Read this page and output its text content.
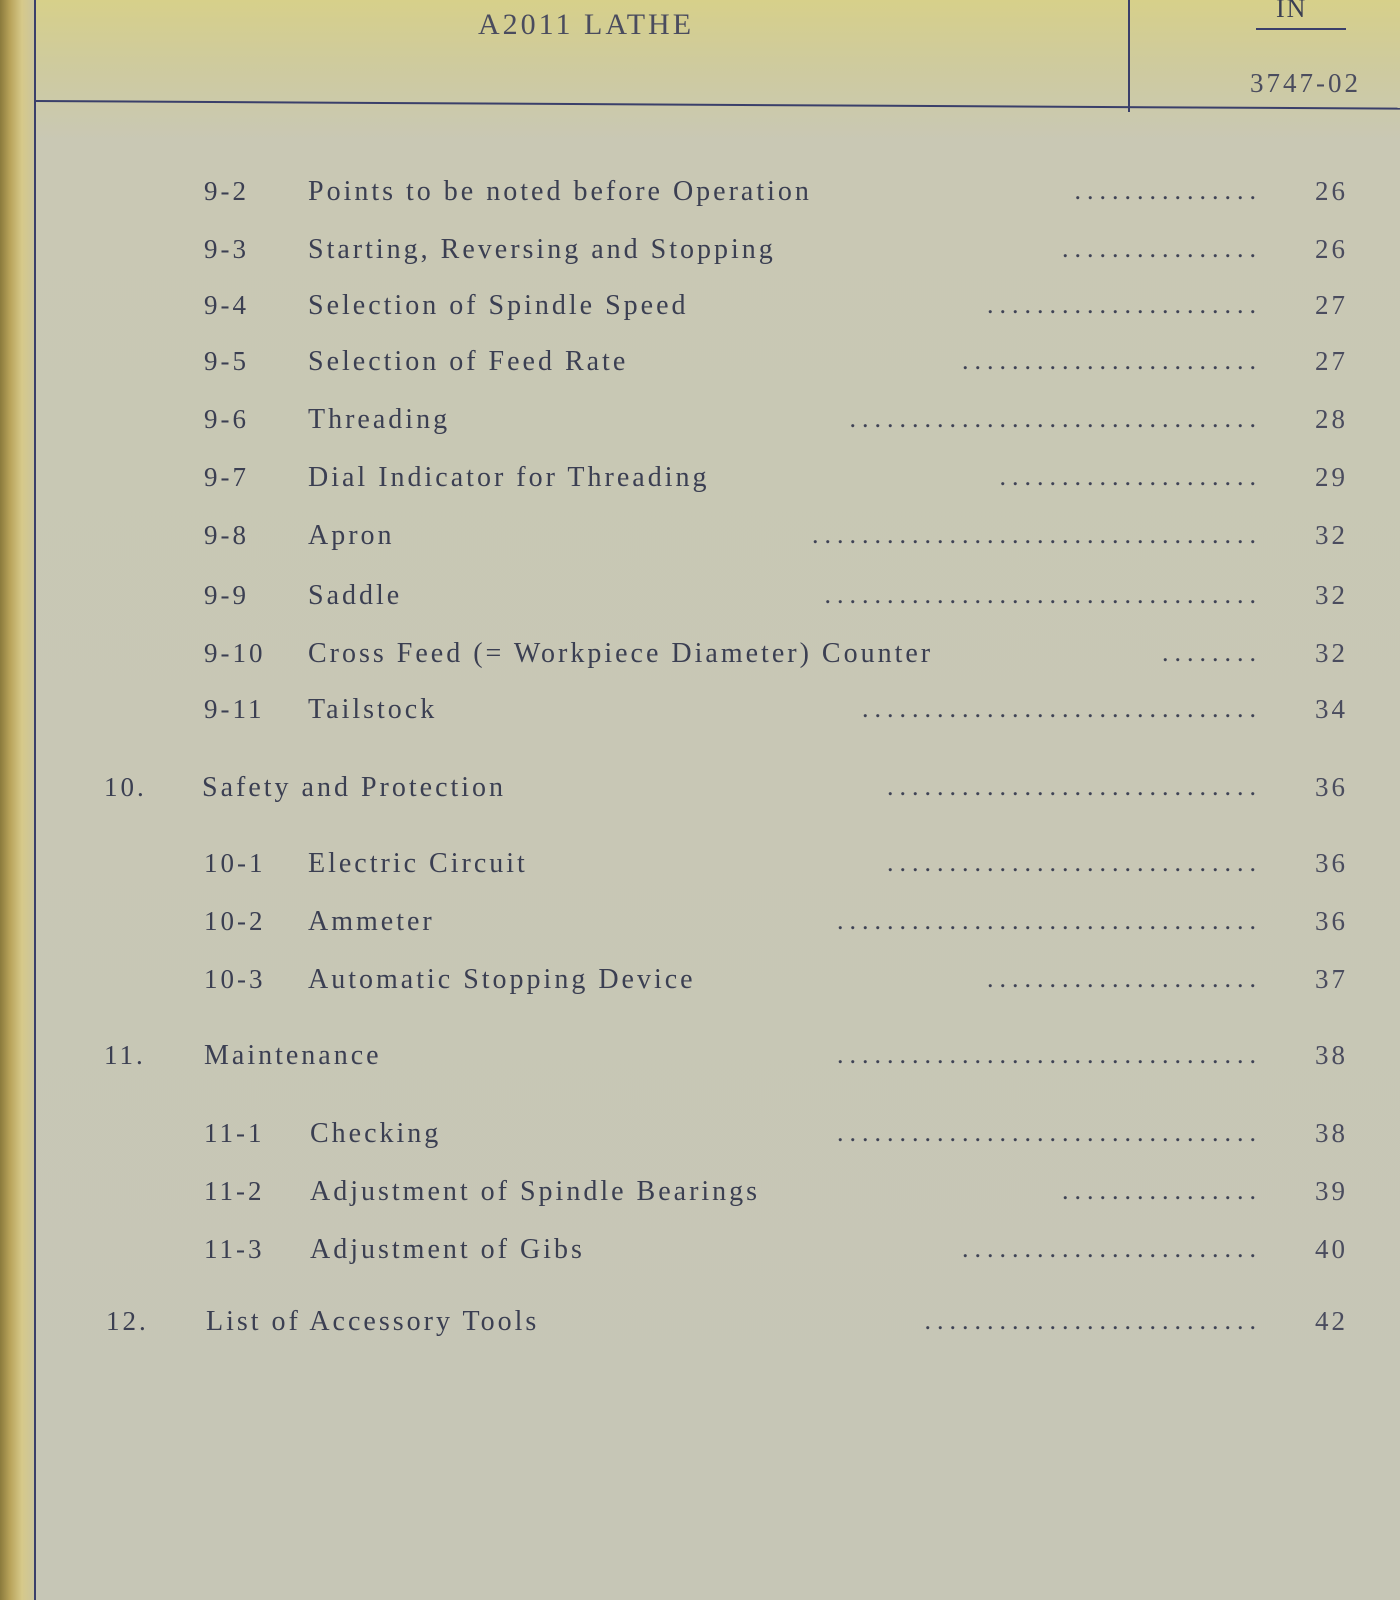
A2011 LATHE	IN
3747-02
9-2 Points to be noted before Operation	...............	26
9-3 Starting, Reversing and Stopping	................	26
9-4 Selection of Spindle Speed	......................	27
9-5 Selection of Feed Rate	........................	27
9-6 Threading	.................................	28
9-7 Dial Indicator for Threading	.....................	29
9-8 Apron	....................................	32
9-9 Saddle	...................................	32
9-10 Cross Feed (= Workpiece Diameter) Counter	........	32
9-11 Tailstock	................................	34
10. Safety and Protection	..............................	36
10-1 Electric Circuit	..............................	36
10-2 Ammeter	..................................	36
10-3 Automatic Stopping Device	......................	37
11. Maintenance	..................................	38
11-1 Checking	..................................	38
11-2 Adjustment of Spindle Bearings	................	39
11-3 Adjustment of Gibs	........................	40
12. List of Accessory Tools	...........................	42
